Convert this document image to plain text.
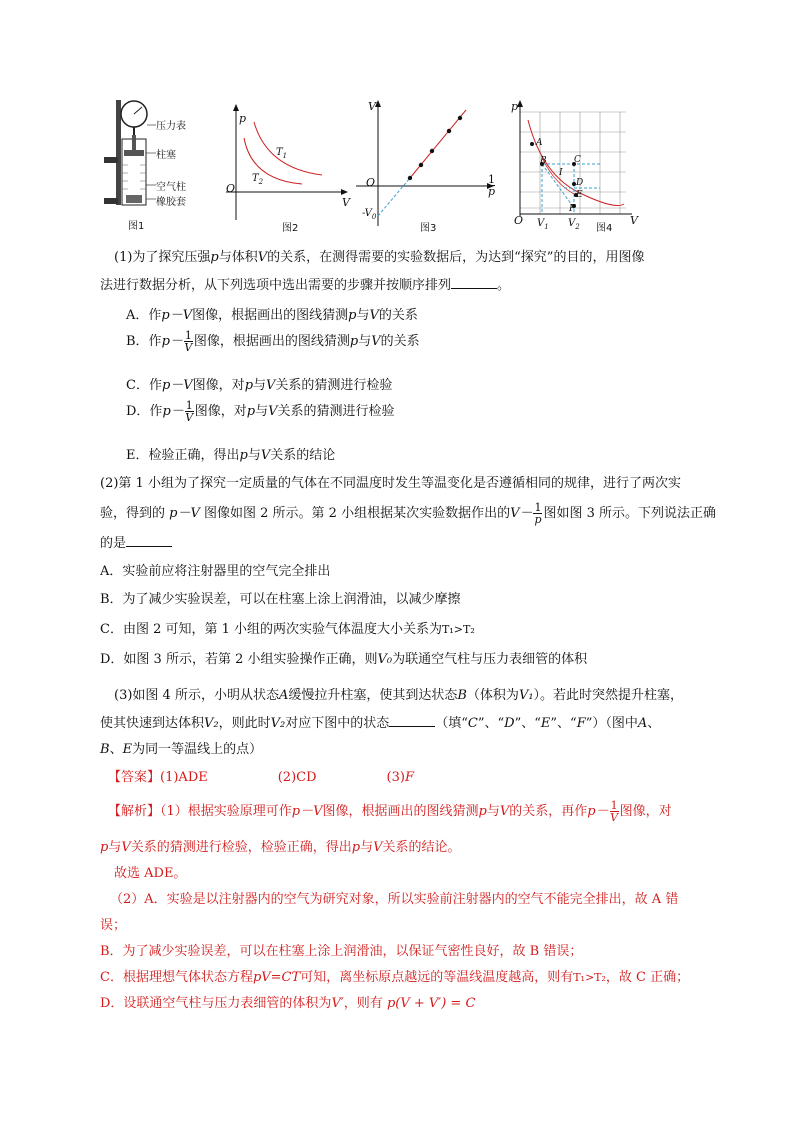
压力表
柱塞
空气柱
橡胶套
图1
p
O
V
$T_1$
$T_2$
图2
V
O
$-V_0$
1
p
图3
p
O	V
A
B	C
I
D
E
F
$V_1$ $V_2$ 图4
(1)为了探究压强p与体积V的关系，在测得需要的实验数据后，为达到“探究”的目的，用图像
法进行数据分析，从下列选项中选出需要的步骤并按顺序排列	。
A．作p－V图像，根据画出的图线猜测p与V的关系
B．作$p- \frac{1}{V}$ 图像，根据画出的图线猜测p与V的关系
C．作p－V图像，对p与V关系的猜测进行检验
D．作$p- \frac{1}{V}$ 图像，对p与V关系的猜测进行检验
E．检验正确，得出p与V关系的结论
(2)第 1 小组为了探究一定质量的气体在不同温度时发生等温变化是否遵循相同的规律，进行了两次实
验，得到的 p－V 图像如图 2 所示。第 2 小组根据某次实验数据作出的$V- \frac{1}{p}$ 图如图 3 所示。下列说法正确
的是
A．实验前应将注射器里的空气完全排出
B．为了减少实验误差，可以在柱塞上涂上润滑油，以减少摩擦
C．由图 2 可知，第 1 小组的两次实验气体温度大小关系为T₁>T₂
D．如图 3 所示，若第 2 小组实验操作正确，则V₀为联通空气柱与压力表细管的体积
(3)如图 4 所示，小明从状态A缓慢拉升柱塞，使其到达状态B（体积为V₁）。若此时突然提升柱塞，
使其快速到达体积V₂，则此时V₂对应下图中的状态	（填“C”、“D”、“E”、“F”）（图中A、
B、E为同一等温线上的点）
【答案】(1)ADE	(2)CD	(3)F
【解析】（1）根据实验原理可作p－V图像，根据画出的图线猜测p与V的关系，再作$p- \frac{1}{V}$ 图像，对
p与V关系的猜测进行检验，检验正确，得出p与V关系的结论。
故选 ADE。
（2）A．实验是以注射器内的空气为研究对象，所以实验前注射器内的空气不能完全排出，故 A 错
误；
B．为了减少实验误差，可以在柱塞上涂上润滑油，以保证气密性良好，故 B 错误；
C．根据理想气体状态方程pV=CT可知，离坐标原点越远的等温线温度越高，则有T₁>T₂，故 C 正确；
D．设联通空气柱与压力表细管的体积为V′，则有 p(V + V′) = C
